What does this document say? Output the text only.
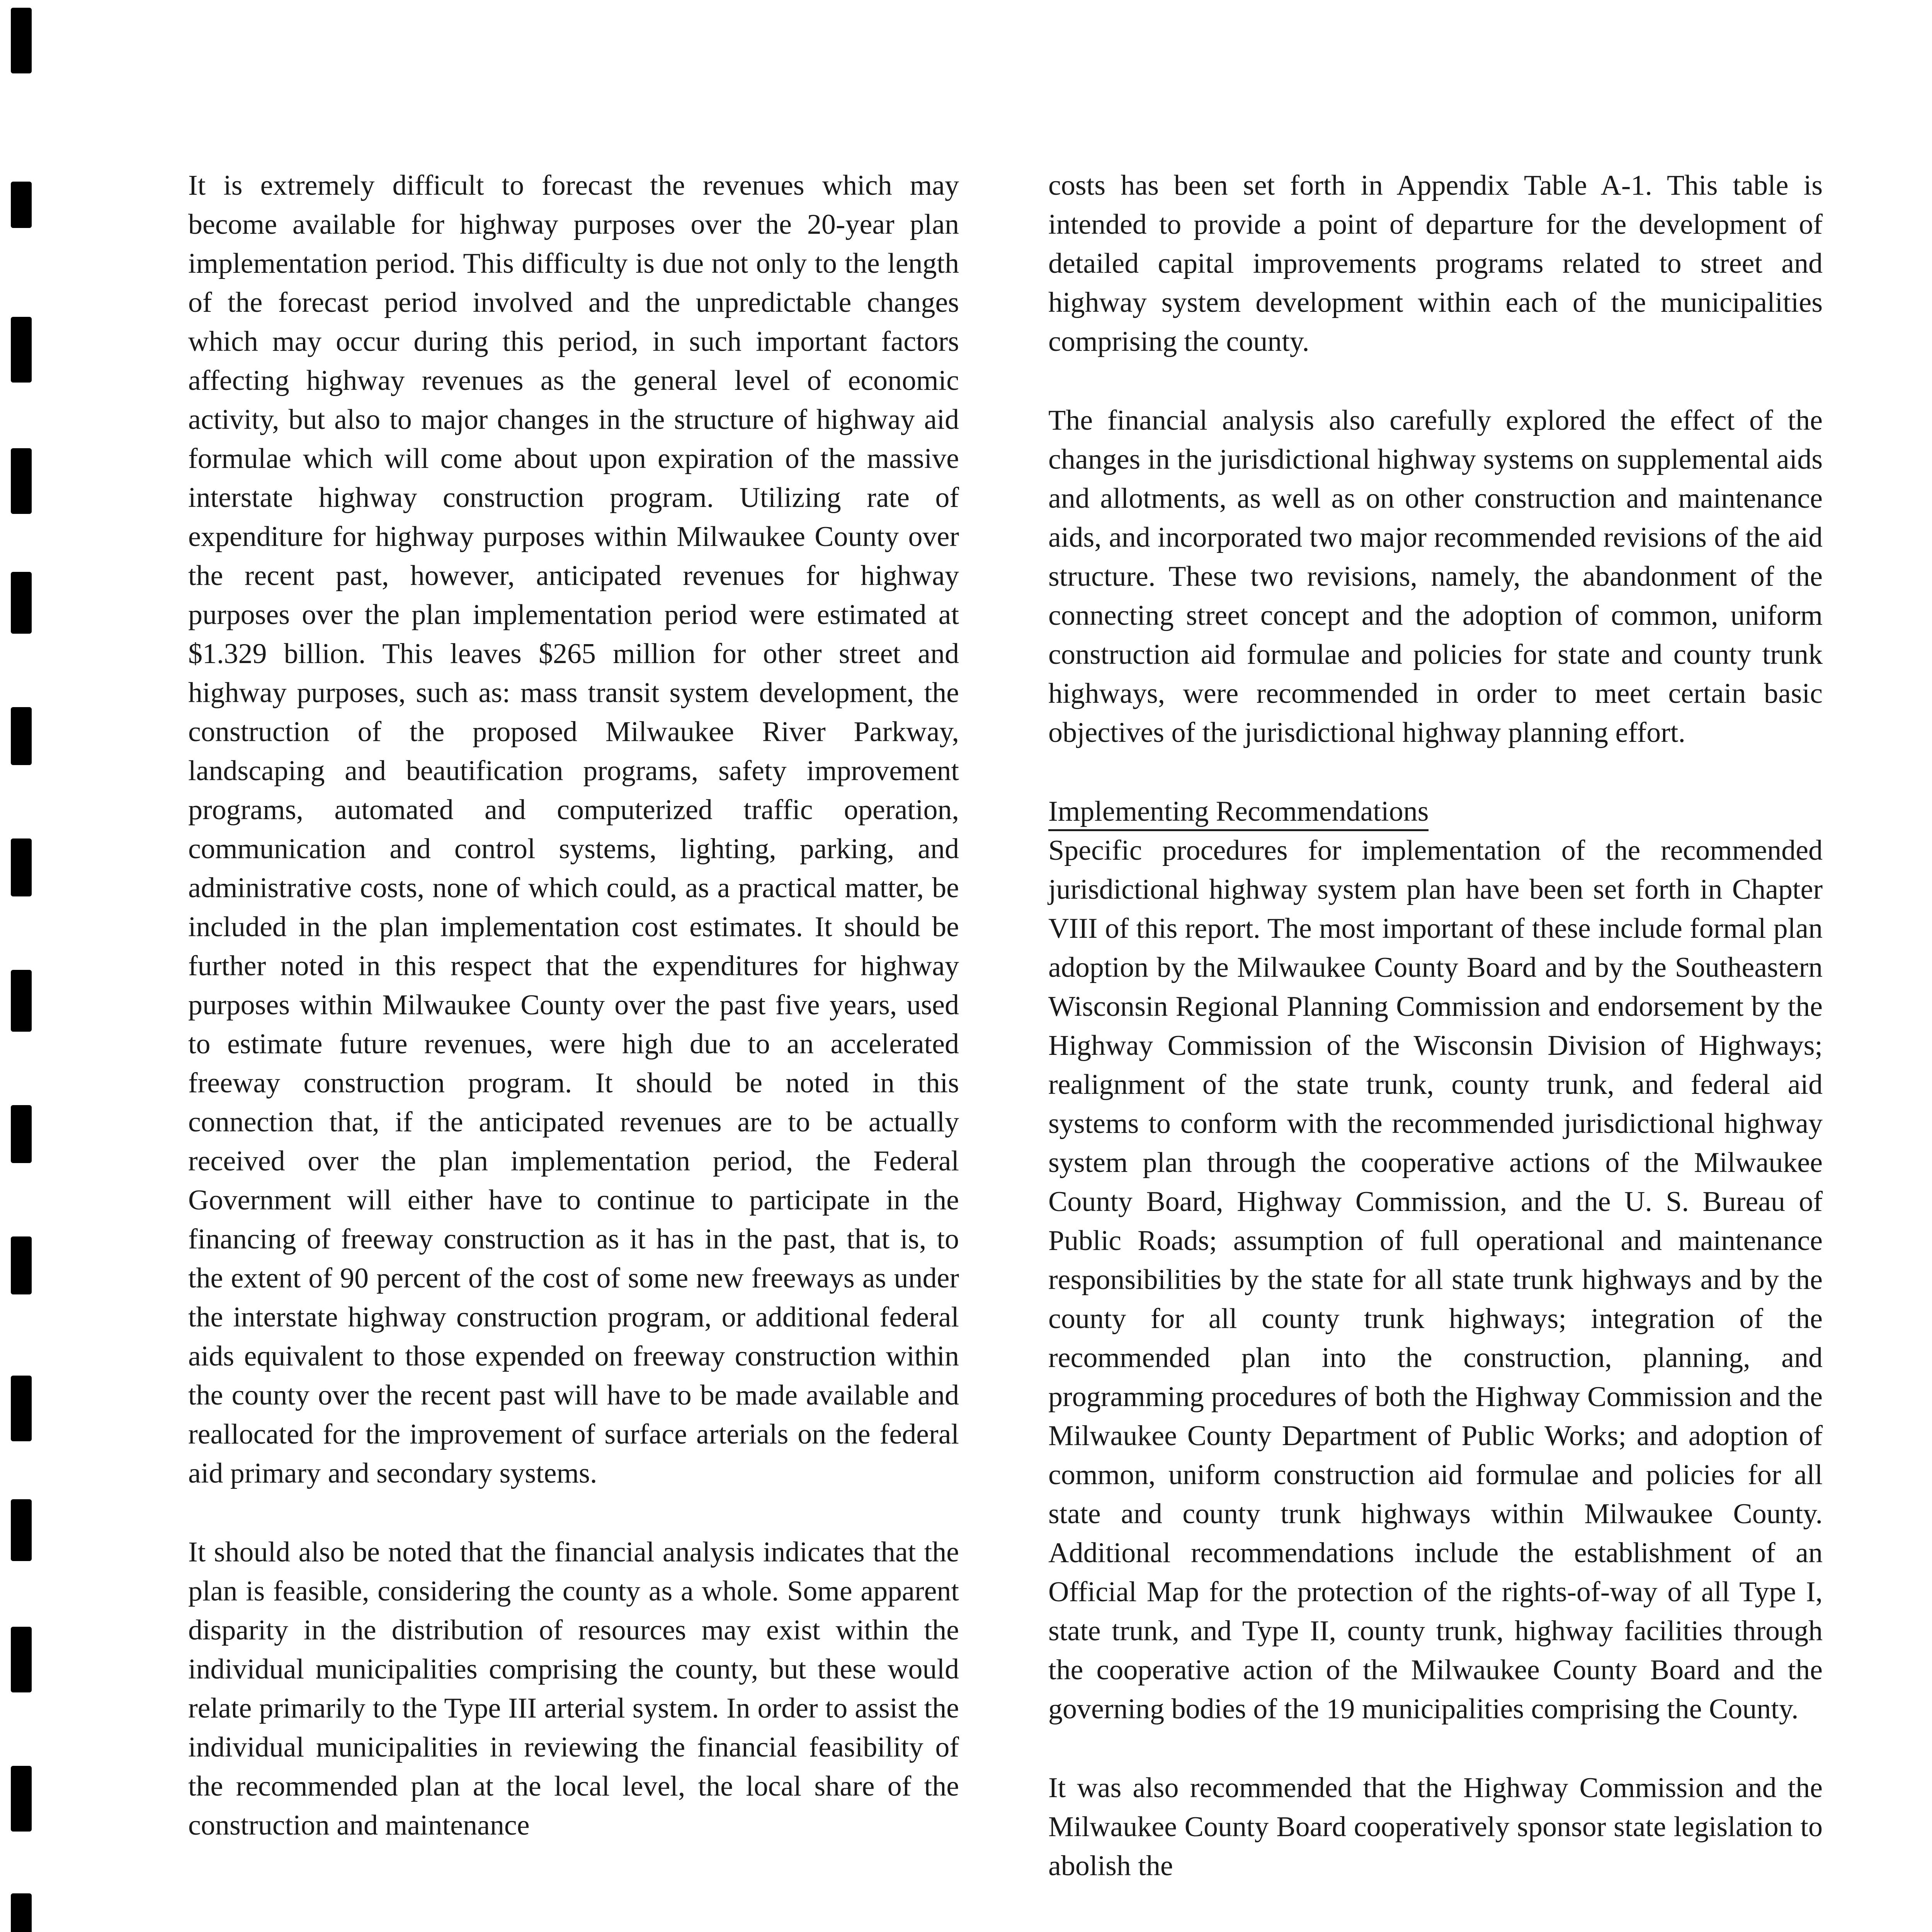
It is extremely difficult to forecast the revenues which may become available for highway purposes over the 20-year plan implementation period. This difficulty is due not only to the length of the forecast period involved and the unpredictable changes which may occur during this period, in such important factors affecting highway revenues as the general level of economic activity, but also to major changes in the structure of highway aid formulae which will come about upon expiration of the massive interstate highway construction program. Utilizing rate of expenditure for highway purposes within Milwaukee County over the recent past, however, anticipated revenues for highway purposes over the plan implementation period were estimated at $1.329 billion. This leaves $265 million for other street and highway purposes, such as: mass transit system development, the construction of the proposed Milwaukee River Parkway, landscaping and beautification programs, safety improvement programs, automated and computerized traffic operation, communication and control systems, lighting, parking, and administrative costs, none of which could, as a practical matter, be included in the plan implementation cost estimates. It should be further noted in this respect that the expenditures for highway purposes within Milwaukee County over the past five years, used to estimate future revenues, were high due to an accelerated freeway construction program. It should be noted in this connection that, if the anticipated revenues are to be actually received over the plan implementation period, the Federal Government will either have to continue to participate in the financing of freeway construction as it has in the past, that is, to the extent of 90 percent of the cost of some new freeways as under the interstate highway construction program, or additional federal aids equivalent to those expended on freeway construction within the county over the recent past will have to be made available and reallocated for the improvement of surface arterials on the federal aid primary and secondary systems.

It should also be noted that the financial analysis indicates that the plan is feasible, considering the county as a whole. Some apparent disparity in the distribution of resources may exist within the individual municipalities comprising the county, but these would relate primarily to the Type III arterial system. In order to assist the individual municipalities in reviewing the financial feasibility of the recommended plan at the local level, the local share of the construction and maintenance

costs has been set forth in Appendix Table A-1. This table is intended to provide a point of departure for the development of detailed capital improvements programs related to street and highway system development within each of the municipalities comprising the county.

The financial analysis also carefully explored the effect of the changes in the jurisdictional highway systems on supplemental aids and allotments, as well as on other construction and maintenance aids, and incorporated two major recommended revisions of the aid structure. These two revisions, namely, the abandonment of the connecting street concept and the adoption of common, uniform construction aid formulae and policies for state and county trunk highways, were recommended in order to meet certain basic objectives of the jurisdictional highway planning effort.

Implementing Recommendations

Specific procedures for implementation of the recommended jurisdictional highway system plan have been set forth in Chapter VIII of this report. The most important of these include formal plan adoption by the Milwaukee County Board and by the Southeastern Wisconsin Regional Planning Commission and endorsement by the Highway Commission of the Wisconsin Division of Highways; realignment of the state trunk, county trunk, and federal aid systems to conform with the recommended jurisdictional highway system plan through the cooperative actions of the Milwaukee County Board, Highway Commission, and the U. S. Bureau of Public Roads; assumption of full operational and maintenance responsibilities by the state for all state trunk highways and by the county for all county trunk highways; integration of the recommended plan into the construction, planning, and programming procedures of both the Highway Commission and the Milwaukee County Department of Public Works; and adoption of common, uniform construction aid formulae and policies for all state and county trunk highways within Milwaukee County. Additional recommendations include the establishment of an Official Map for the protection of the rights-of-way of all Type I, state trunk, and Type II, county trunk, highway facilities through the cooperative action of the Milwaukee County Board and the governing bodies of the 19 municipalities comprising the County.

It was also recommended that the Highway Commission and the Milwaukee County Board cooperatively sponsor state legislation to abolish the
